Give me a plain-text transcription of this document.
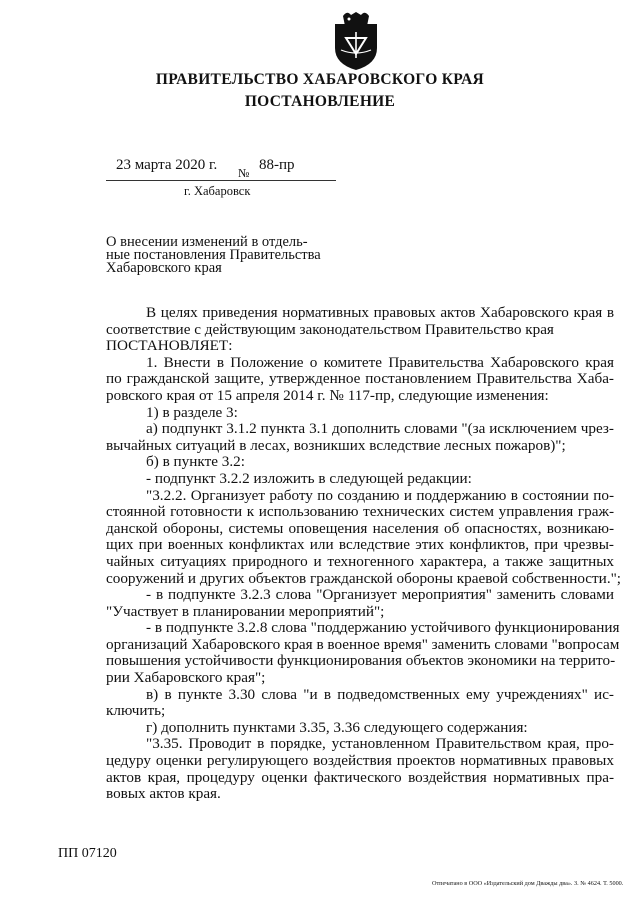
ПРАВИТЕЛЬСТВО ХАБАРОВСКОГО КРАЯ
ПОСТАНОВЛЕНИЕ
23 марта 2020 г. № 88-пр
г. Хабаровск
О внесении изменений в отдель-
ные постановления Правительства
Хабаровского края
В целях приведения нормативных правовых актов Хабаровского края в
соответствие с действующим законодательством Правительство края
ПОСТАНОВЛЯЕТ:
1. Внести в Положение о комитете Правительства Хабаровского края
по гражданской защите, утвержденное постановлением Правительства Хаба-
ровского края от 15 апреля 2014 г. № 117-пр, следующие изменения:
1) в разделе 3:
а) подпункт 3.1.2 пункта 3.1 дополнить словами "(за исключением чрез-
вычайных ситуаций в лесах, возникших вследствие лесных пожаров)";
б) в пункте 3.2:
- подпункт 3.2.2 изложить в следующей редакции:
"3.2.2. Организует работу по созданию и поддержанию в состоянии по-
стоянной готовности к использованию технических систем управления граж-
данской обороны, системы оповещения населения об опасностях, возникаю-
щих при военных конфликтах или вследствие этих конфликтов, при чрезвы-
чайных ситуациях природного и техногенного характера, а также защитных
сооружений и других объектов гражданской обороны краевой собственности.";
- в подпункте 3.2.3 слова "Организует мероприятия" заменить словами
"Участвует в планировании мероприятий";
- в подпункте 3.2.8 слова "поддержанию устойчивого функционирования
организаций Хабаровского края в военное время" заменить словами "вопросам
повышения устойчивости функционирования объектов экономики на террито-
рии Хабаровского края";
в) в пункте 3.30 слова "и в подведомственных ему учреждениях" ис-
ключить;
г) дополнить пунктами 3.35, 3.36 следующего содержания:
"3.35. Проводит в порядке, установленном Правительством края, про-
цедуру оценки регулирующего воздействия проектов нормативных правовых
актов края, процедуру оценки фактического воздействия нормативных пра-
вовых актов края.
ПП 07120
Отпечатано в ООО «Издательский дом Дважды два». З. № 4624. Т. 5000.
